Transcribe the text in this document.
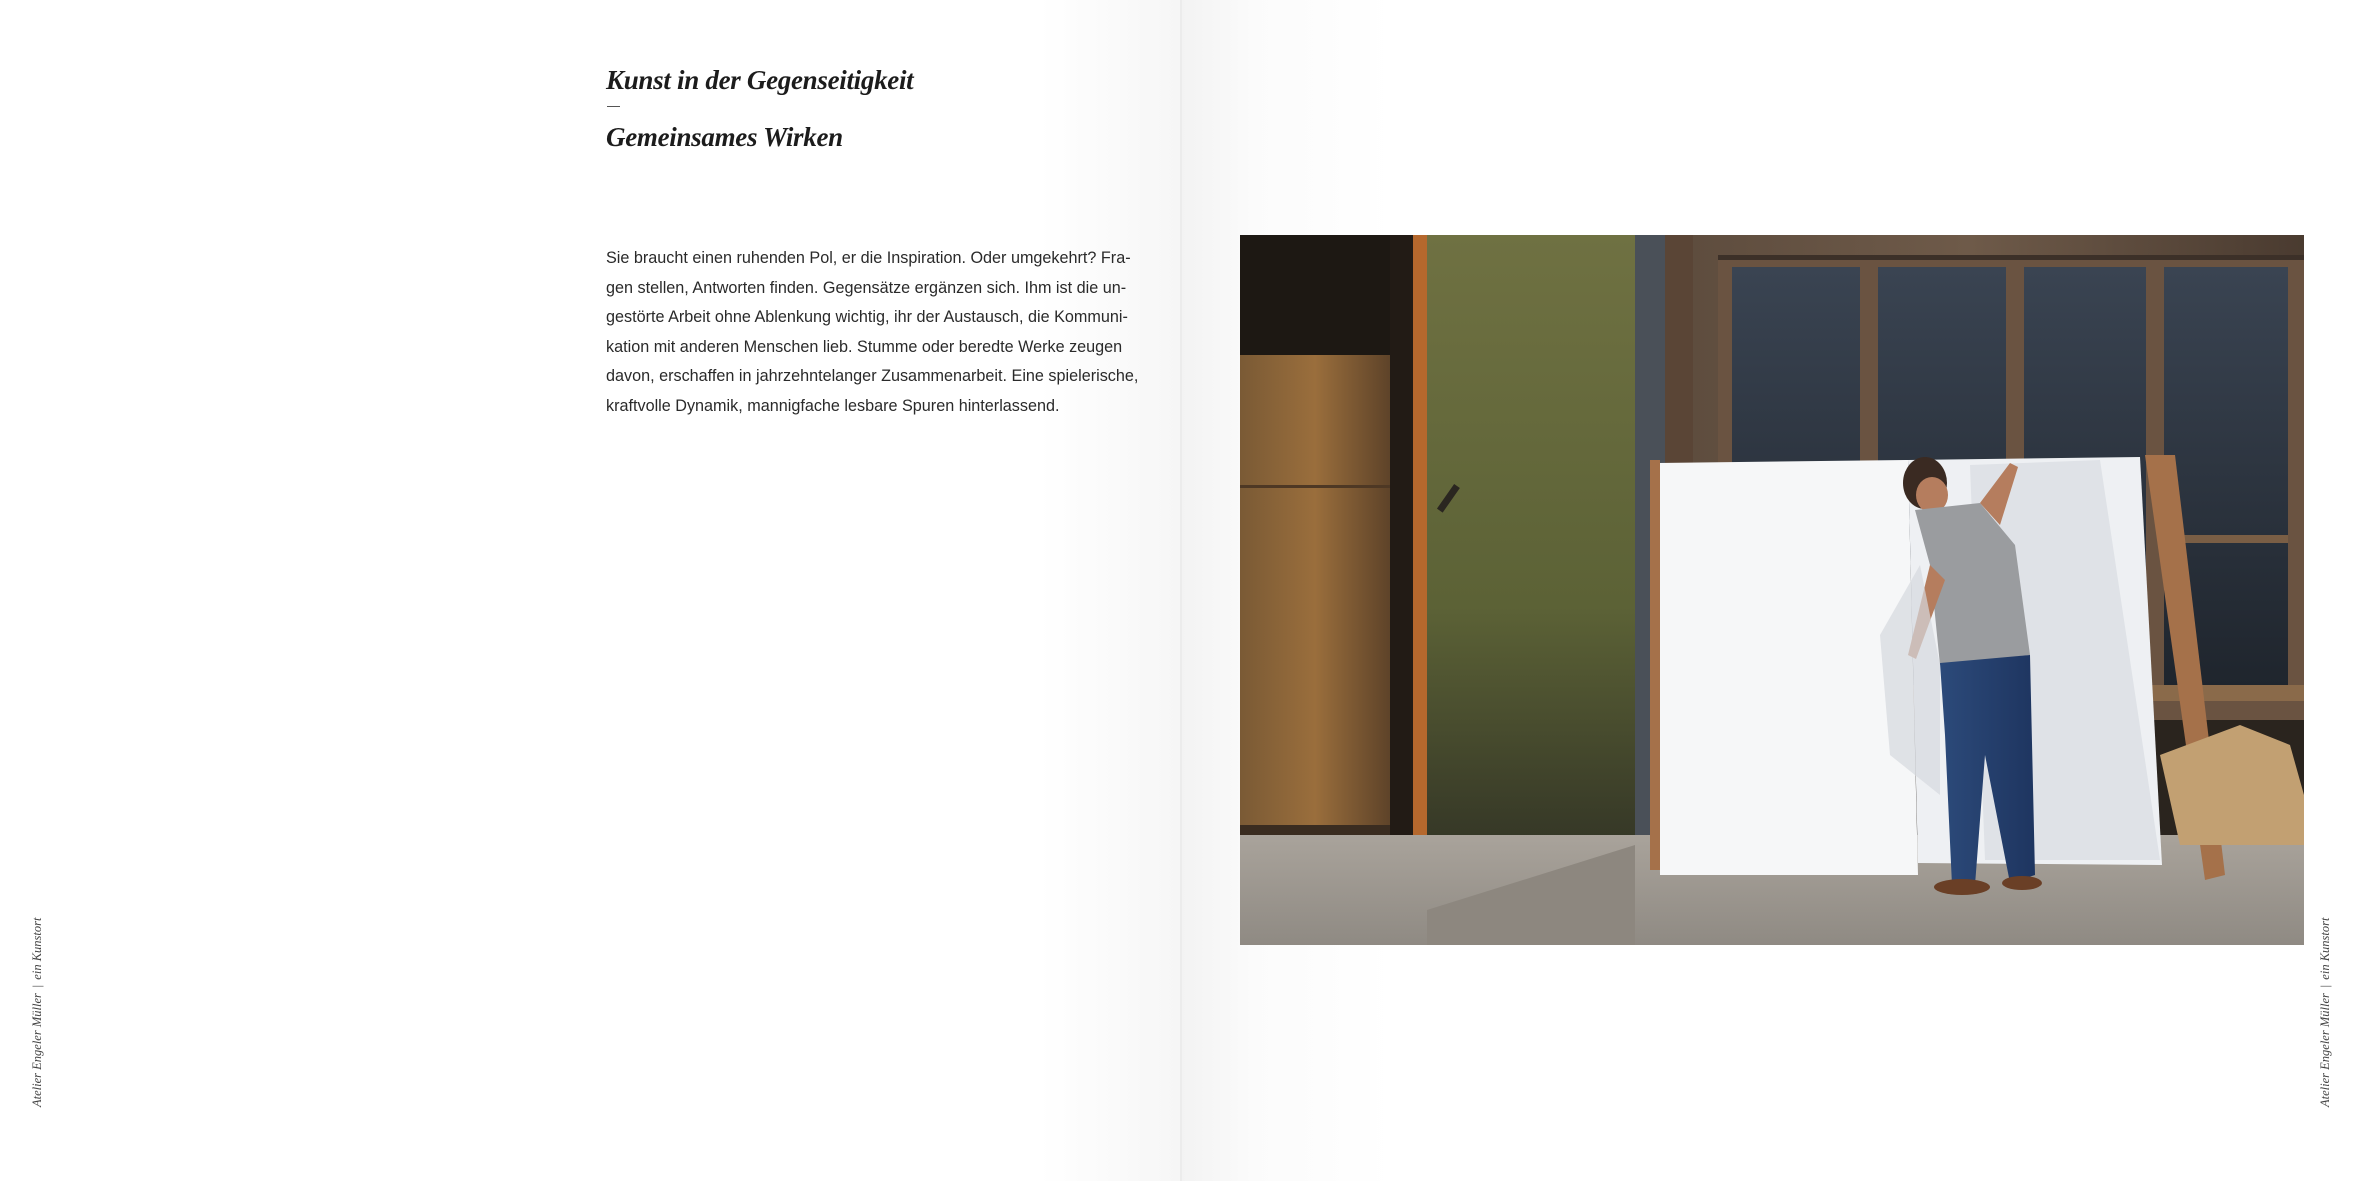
Kunst in der Gegenseitigkeit
Gemeinsames Wirken

Sie braucht einen ruhenden Pol, er die Inspiration. Oder umgekehrt? Fra-
gen stellen, Antworten finden. Gegensätze ergänzen sich. Ihm ist die un-
gestörte Arbeit ohne Ablenkung wichtig, ihr der Austausch, die Kommuni-
kation mit anderen Menschen lieb. Stumme oder beredte Werke zeugen
davon, erschaffen in jahrzehntelanger Zusammenarbeit. Eine spielerische,
kraftvolle Dynamik, mannigfache lesbare Spuren hinterlassend.

Atelier Engeler Müller|ein Kunstort
Atelier Engeler Müller|ein Kunstort
